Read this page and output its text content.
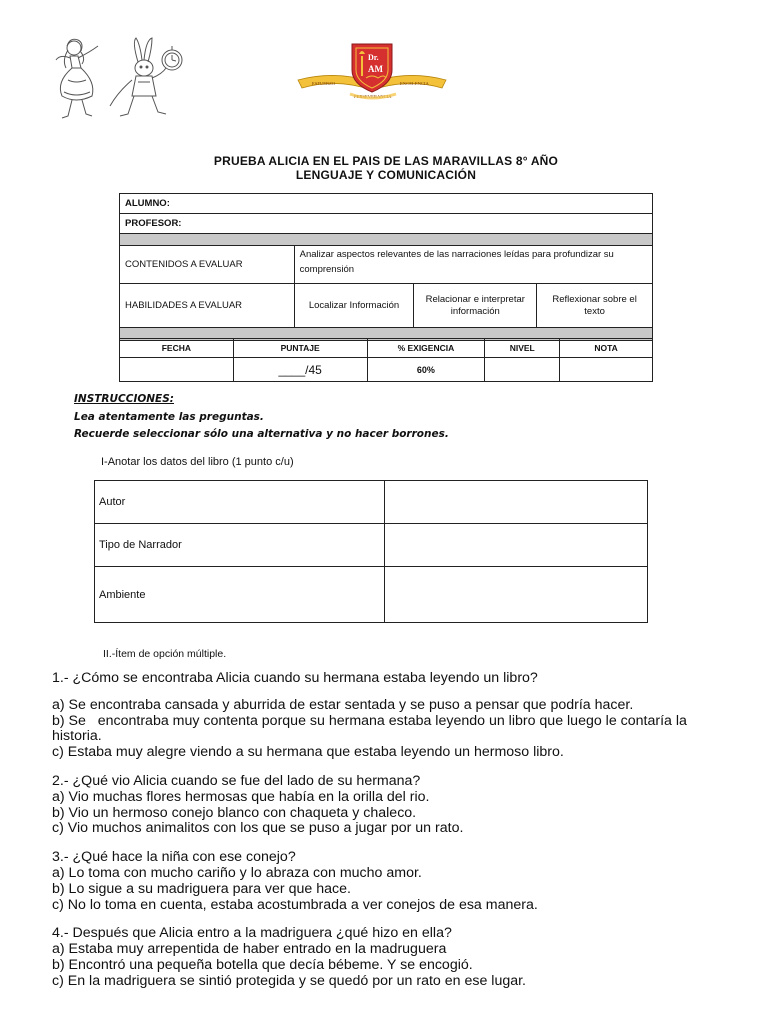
Dr.
AM
ESFUERZO	EXCELENCIA
PERSEVERANCIA
PRUEBA ALICIA EN EL PAIS DE LAS MARAVILLAS 8° AÑO
LENGUAJE Y COMUNICACIÓN
ALUMNO:			
PROFESOR:			

CONTENIDOS A EVALUAR	Analizar aspectos relevantes de las narraciones leídas para profundizar su comprensión		
HABILIDADES A EVALUAR	Localizar Información	Relacionar e interpretar información	Reflexionar sobre el texto

FECHA	PUNTAJE	% EXIGENCIA	NIVEL	NOTA
	____/45	60%		
INSTRUCCIONES:
Lea atentamente las preguntas.
Recuerde seleccionar sólo una alternativa y no hacer borrones.
I-Anotar los datos del libro (1 punto c/u)
Autor	
Tipo de Narrador	
Ambiente	
II.-Ítem de opción múltiple.

1.- ¿Cómo se encontraba Alicia cuando su hermana estaba leyendo un libro?

a) Se encontraba cansada y aburrida de estar sentada y se puso a pensar que podría hacer.

b) Se   encontraba muy contenta porque su hermana estaba leyendo un libro que luego le contaría la historia.

c) Estaba muy alegre viendo a su hermana que estaba leyendo un hermoso libro.

2.- ¿Qué vio Alicia cuando se fue del lado de su hermana?

a) Vio muchas flores hermosas que había en la orilla del rio.

b) Vio un hermoso conejo blanco con chaqueta y chaleco.

c) Vio muchos animalitos con los que se puso a jugar por un rato.

3.- ¿Qué hace la niña con ese conejo?

a) Lo toma con mucho cariño y lo abraza con mucho amor.

b) Lo sigue a su madriguera para ver que hace.

c) No lo toma en cuenta, estaba acostumbrada a ver conejos de esa manera.

4.- Después que Alicia entro a la madriguera ¿qué hizo en ella?

a) Estaba muy arrepentida de haber entrado en la madruguera

b) Encontró una pequeña botella que decía bébeme. Y se encogió.

c) En la madriguera se sintió protegida y se quedó por un rato en ese lugar.
